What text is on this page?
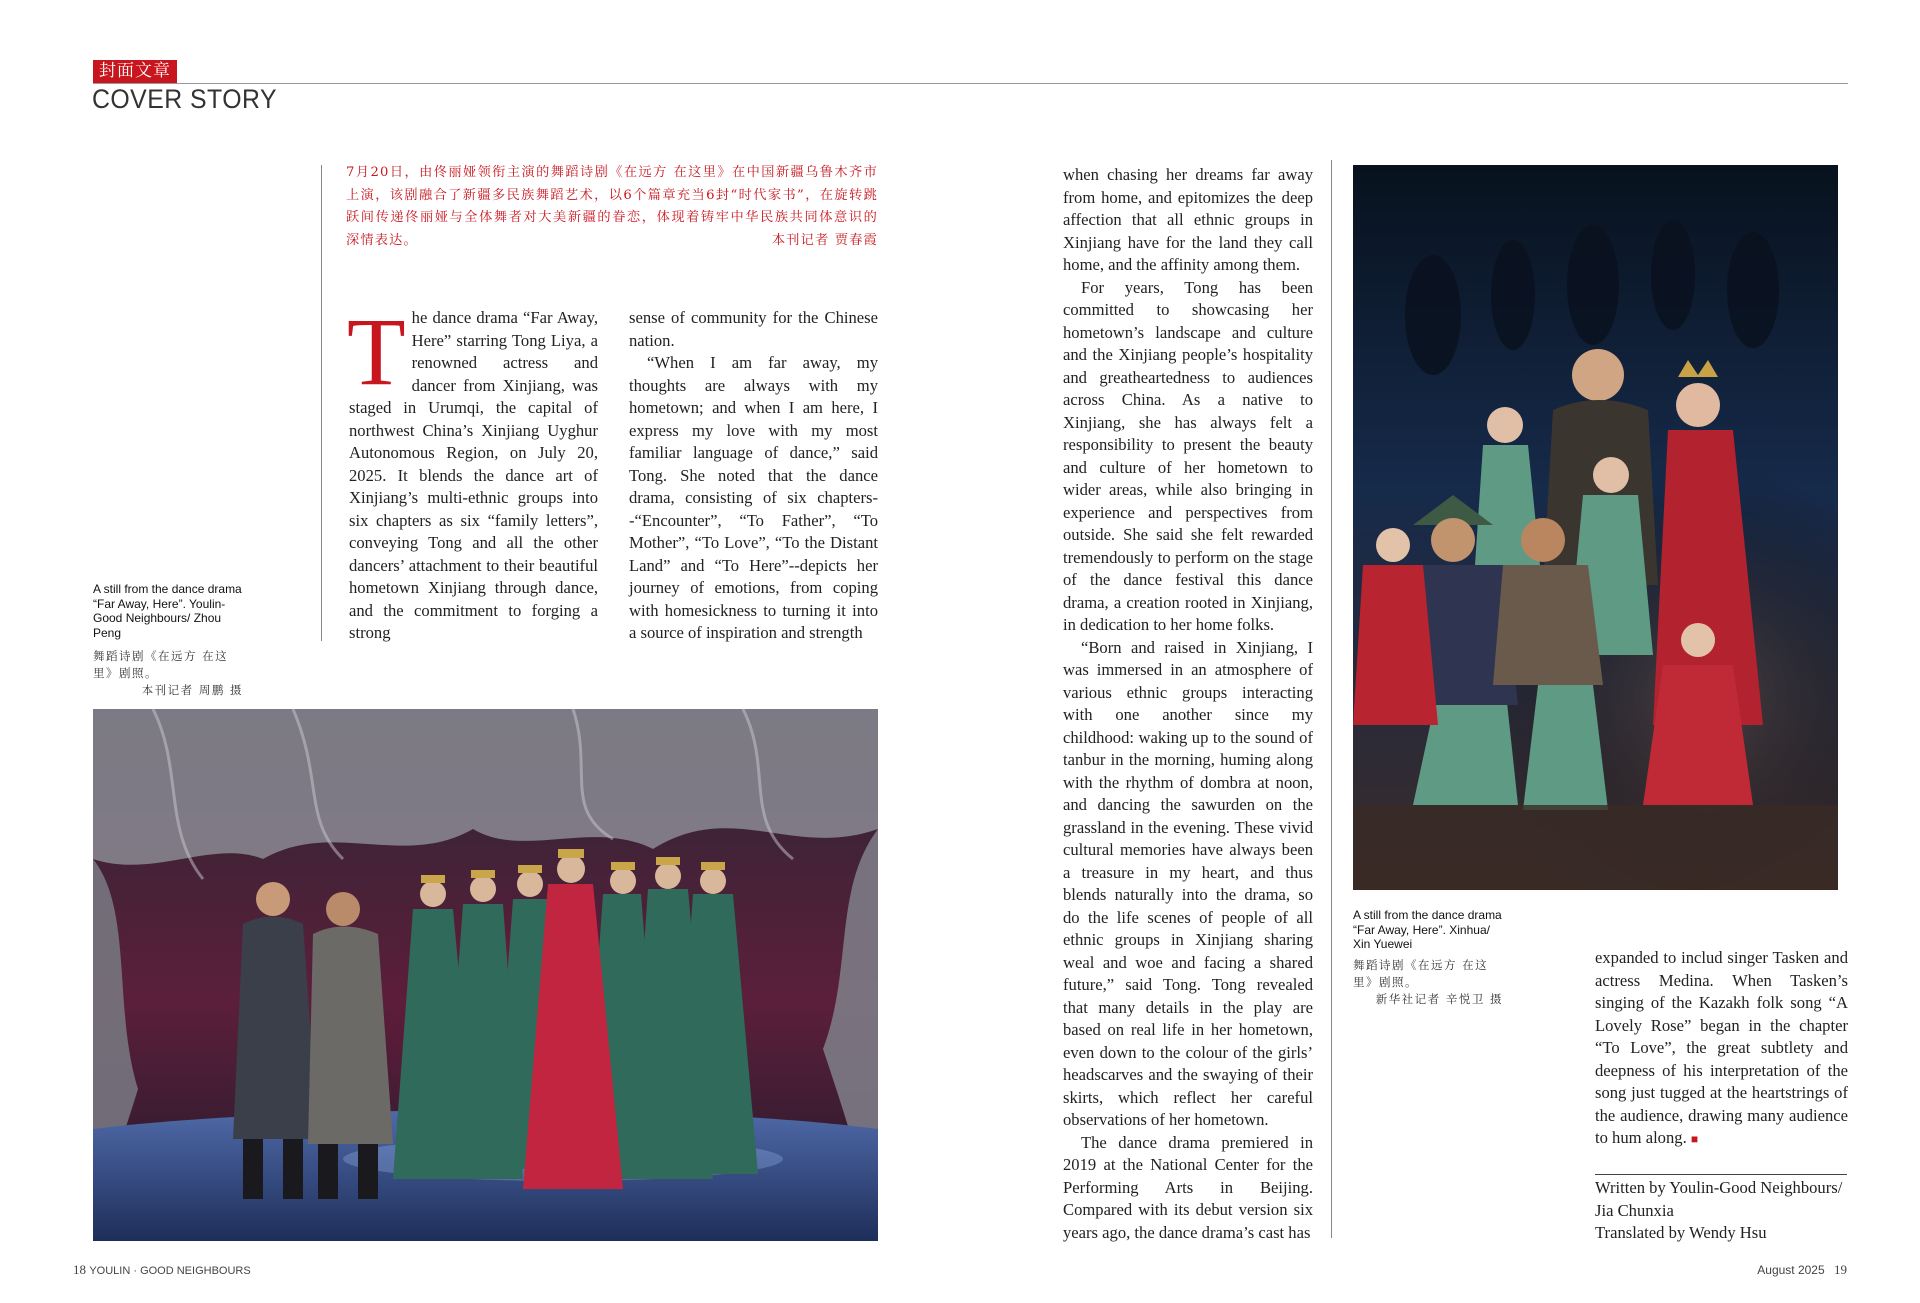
封面文章
COVER STORY
7月20日，由佟丽娅领衔主演的舞蹈诗剧《在远方 在这里》在中国新疆乌鲁木齐市上演，该剧融合了新疆多民族舞蹈艺术，以6个篇章充当6封“时代家书”，在旋转跳跃间传递佟丽娅与全体舞者对大美新疆的眷恋，体现着铸牢中华民族共同体意识的深情表达。	本刊记者 贾春霞
A still from the dance drama “Far Away, Here”. Youlin-Good Neighbours/ Zhou Peng
舞蹈诗剧《在远方 在这里》剧照。
本刊记者 周鹏 摄
T he dance drama “Far Away, Here” starring Tong Liya, a renowned actress and dancer from Xinjiang, was staged in Urumqi, the capital of northwest China’s Xinjiang Uyghur Autonomous Region, on July 20, 2025. It blends the dance art of Xinjiang’s multi-ethnic groups into six chapters as six “family letters”, conveying Tong and all the other dancers’ attachment to their beautiful hometown Xinjiang through dance, and the commitment to forging a strong

sense of community for the Chinese nation.

“When I am far away, my thoughts are always with my hometown; and when I am here, I express my love with my most familiar language of dance,” said Tong. She noted that the dance drama, consisting of six chapters--“Encounter”, “To Father”, “To Mother”, “To Love”, “To the Distant Land” and “To Here”--depicts her journey of emotions, from coping with homesickness to turning it into a source of inspiration and strength

when chasing her dreams far away from home, and epitomizes the deep affection that all ethnic groups in Xinjiang have for the land they call home, and the affinity among them.

For years, Tong has been committed to showcasing her hometown’s landscape and culture and the Xinjiang people’s hospitality and greatheartedness to audiences across China. As a native to Xinjiang, she has always felt a responsibility to present the beauty and culture of her hometown to wider areas, while also bringing in experience and perspectives from outside. She said she felt rewarded tremendously to perform on the stage of the dance festival this dance drama, a creation rooted in Xinjiang, in dedication to her home folks.

“Born and raised in Xinjiang, I was immersed in an atmosphere of various ethnic groups interacting with one another since my childhood: waking up to the sound of tanbur in the morning, huming along with the rhythm of dombra at noon, and dancing the sawurden on the grassland in the evening. These vivid cultural memories have always been a treasure in my heart, and thus blends naturally into the drama, so do the life scenes of people of all ethnic groups in Xinjiang sharing weal and woe and facing a shared future,” said Tong. Tong revealed that many details in the play are based on real life in her hometown, even down to the colour of the girls’ headscarves and the swaying of their skirts, which reflect her careful observations of her hometown.

The dance drama premiered in 2019 at the National Center for the Performing Arts in Beijing. Compared with its debut version six years ago, the dance drama’s cast has

A still from the dance drama “Far Away, Here”. Xinhua/ Xin Yuewei
舞蹈诗剧《在远方 在这里》剧照。
新华社记者 辛悦卫 摄
expanded to includ singer Tasken and actress Medina. When Tasken’s singing of the Kazakh folk song “A Lovely Rose” began in the chapter “To Love”, the great subtlety and deepness of his interpretation of the song just tugged at the heartstrings of the audience, drawing many audience to hum along. ■
Written by Youlin-Good Neighbours/ Jia Chunxia
Translated by Wendy Hsu
18 YOULIN · GOOD NEIGHBOURS	August 2025 19
